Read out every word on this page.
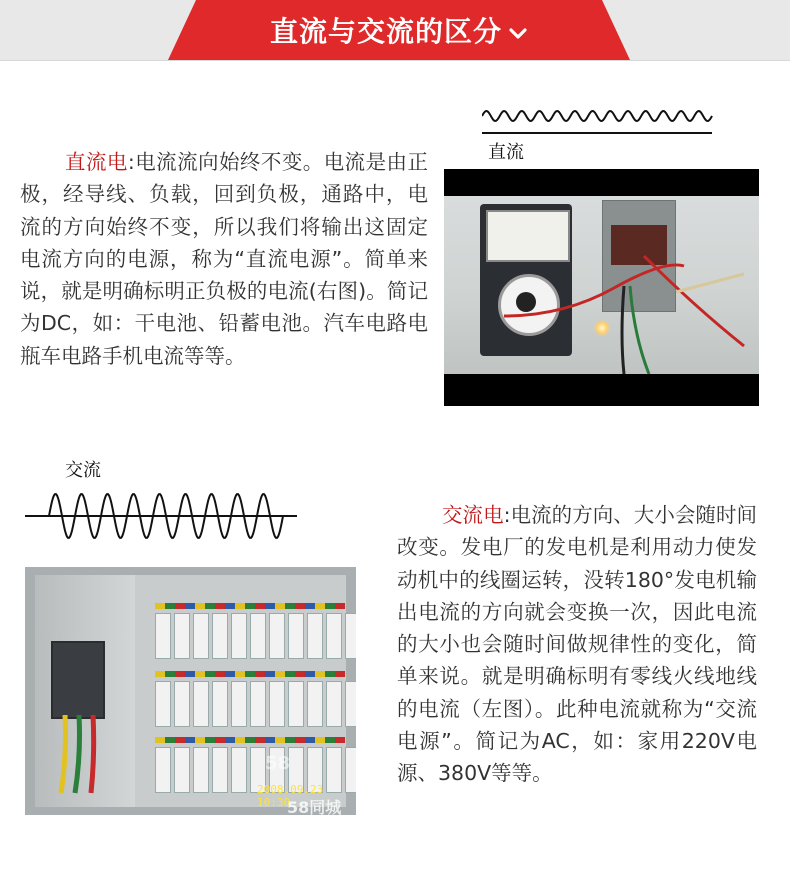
直流与交流的区分
直流

直流电:电流流向始终不变。电流是由正极，经导线、负载，回到负极，通路中，电流的方向始终不变，所以我们将输出这固定电流方向的电源，称为“直流电源”。简单来说，就是明确标明正负极的电流(右图)。简记为DC，如：干电池、铅蓄电池。汽车电路电瓶车电路手机电流等等。

交流

交流电:电流的方向、大小会随时间改变。发电厂的发电机是利用动力使发动机中的线圈运转，没转180°发电机输出电流的方向就会变换一次，因此电流的大小也会随时间做规律性的变化，简单来说。就是明确标明有零线火线地线的电流（左图）。此种电流就称为“交流电源”。简记为AC，如：家用220V电源、380V等等。

58
2008.09.23 10:30
58同城
